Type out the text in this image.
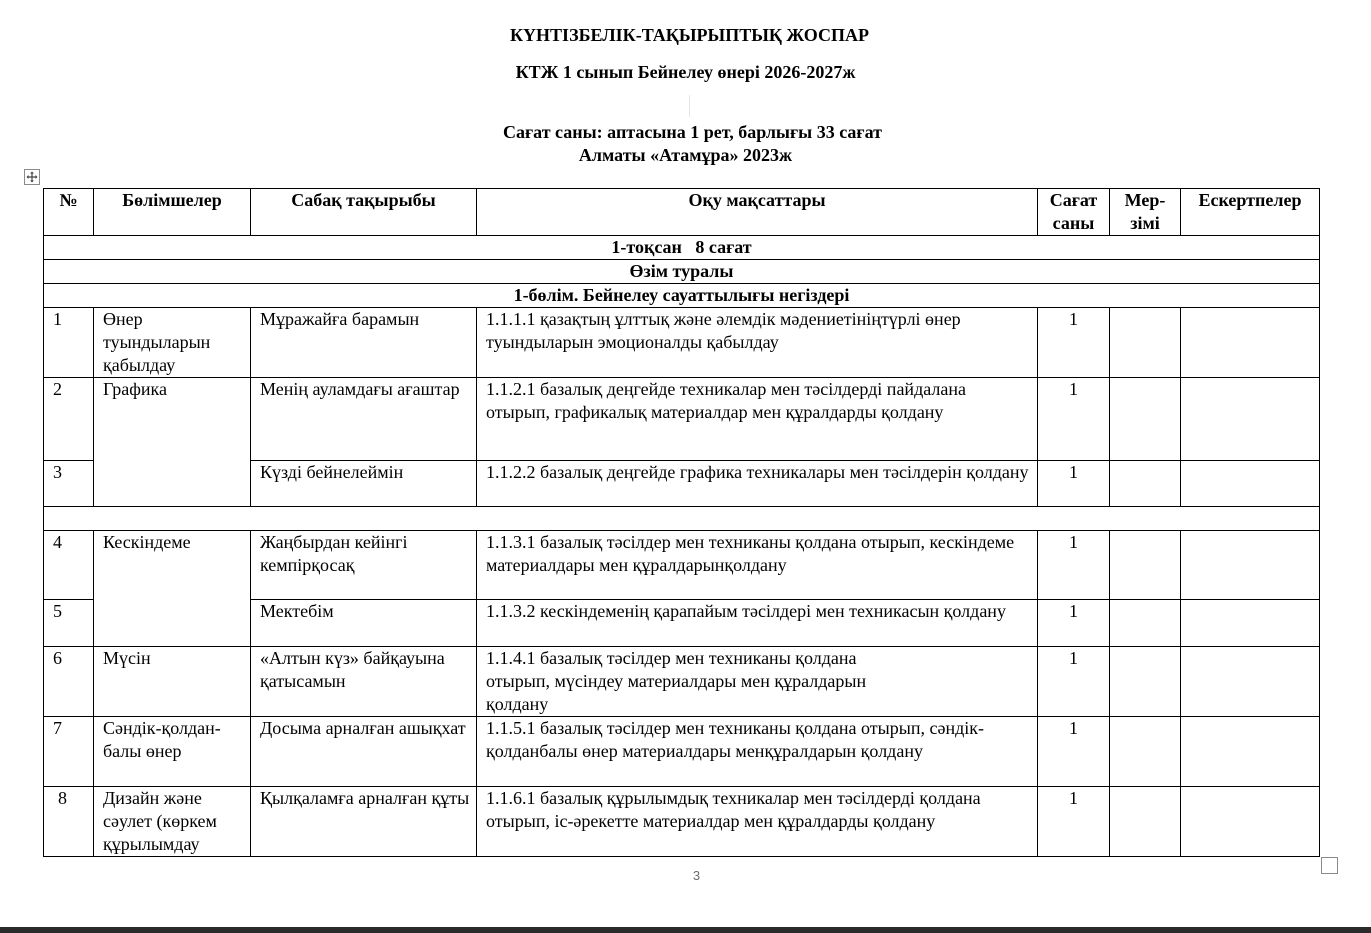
КҮНТІЗБЕЛІК-ТАҚЫРЫПТЫҚ ЖОСПАР
КТЖ 1 сынып Бейнелеу өнері 2026-2027ж
Сағат саны: аптасына 1 рет, барлығы 33 сағат
Алматы «Атамұра» 2023ж
№	Бөлімшелер	Сабақ тақырыбы	Оқу мақсаттары	Сағат саны	Мер-зімі	Ескертпелер
1-тоқсан   8 сағат						
Өзім туралы						
1-бөлім. Бейнелеу сауаттылығы негіздері						
1	Өнер туындыларын қабылдау	Мұражайға барамын	1.1.1.1 қазақтың ұлттық және әлемдік мәдениетініңтүрлі өнер туындыларын эмоционалды қабылдау	1		
2	Графика	Менің ауламдағы ағаштар	1.1.2.1 базалық деңгейде техникалар мен тәсілдерді пайдалана отырып, графикалық материалдар мен құралдарды қолдану	1		
3		Күзді бейнелеймін	1.1.2.2 базалық деңгейде графика техникалары мен тәсілдерін қолдану	1		

4	Кескіндеме	Жаңбырдан кейінгі кемпірқосақ	1.1.3.1 базалық тәсілдер мен техниканы қолдана отырып, кескіндеме материалдары мен құралдарынқолдану	1		
5		Мектебім	1.1.3.2 кескіндеменің қарапайым тәсілдері мен техникасын қолдану	1		
6	Мүсін	«Алтын күз» байқауына қатысамын	1.1.4.1 базалық тәсілдер мен техниканы қолдана отырып, мүсіндеу материалдары мен құралдарын қолдану	1		
7	Сәндік-қолдан-балы өнер	Досыма арналған ашықхат	1.1.5.1 базалық тәсілдер мен техниканы қолдана отырып, сәндік-қолданбалы өнер материалдары менқұралдарын қолдану	1		
8	Дизайн және сәулет (көркем құрылымдау	Қылқаламға арналған құты	1.1.6.1 базалық құрылымдық техникалар мен тәсілдерді қолдана отырып, іс-әрекетте материалдар мен құралдарды қолдану	1		
3
